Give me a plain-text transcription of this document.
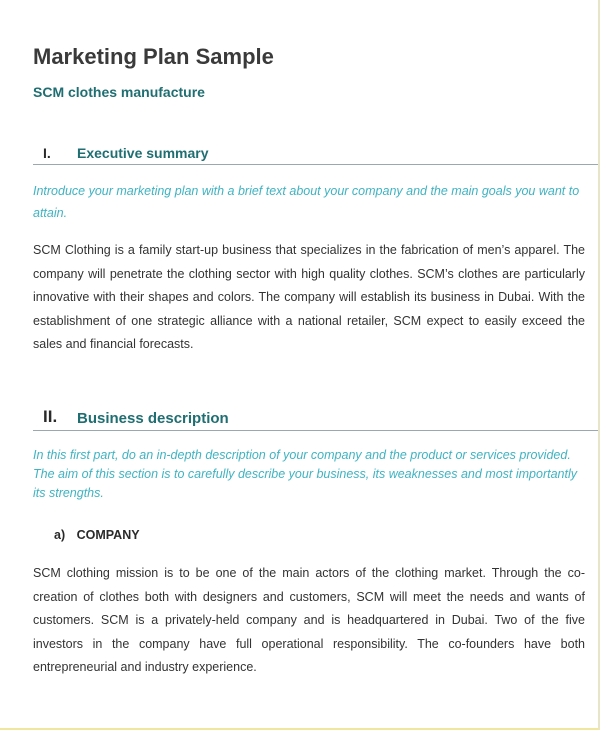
Marketing Plan Sample
SCM clothes manufacture
I. Executive summary
Introduce your marketing plan with a brief text about your company and the main goals you want to attain.
SCM Clothing is a family start-up business that specializes in the fabrication of men’s apparel. The company will penetrate the clothing sector with high quality clothes. SCM’s clothes are particularly innovative with their shapes and colors. The company will establish its business in Dubai. With the establishment of one strategic alliance with a national retailer, SCM expect to easily exceed the sales and financial forecasts.
II. Business description
In this first part, do an in-depth description of your company and the product or services provided. The aim of this section is to carefully describe your business, its weaknesses and most importantly its strengths.
a) COMPANY
SCM clothing mission is to be one of the main actors of the clothing market. Through the co-creation of clothes both with designers and customers, SCM will meet the needs and wants of customers. SCM is a privately-held company and is headquartered in Dubai. Two of the five investors in the company have full operational responsibility. The co-founders have both entrepreneurial and industry experience.
